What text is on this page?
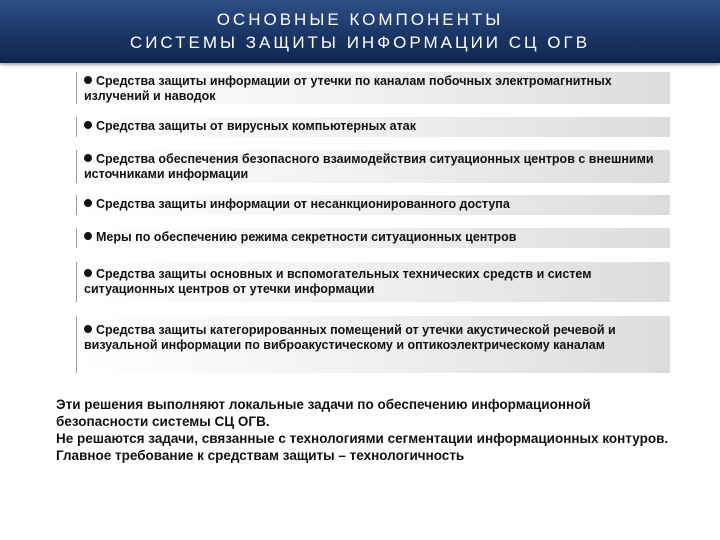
ОСНОВНЫЕ КОМПОНЕНТЫ
СИСТЕМЫ ЗАЩИТЫ ИНФОРМАЦИИ СЦ ОГВ
Средства защиты информации от утечки по каналам побочных электромагнитных излучений и наводок
Средства защиты от вирусных компьютерных атак
Средства обеспечения безопасного взаимодействия ситуационных центров с внешними источниками информации
Средства защиты информации от несанкционированного доступа
Меры по обеспечению режима секретности ситуационных центров
Средства защиты основных и вспомогательных технических средств и систем ситуационных центров от утечки информации
Средства защиты категорированных помещений от утечки акустической речевой и визуальной информации по виброакустическому и оптикоэлектрическому каналам

Эти решения выполняют локальные задачи по обеспечению информационной безопасности системы СЦ ОГВ.

Не решаются задачи, связанные с технологиями сегментации информационных контуров.

Главное требование к средствам защиты – технологичность
